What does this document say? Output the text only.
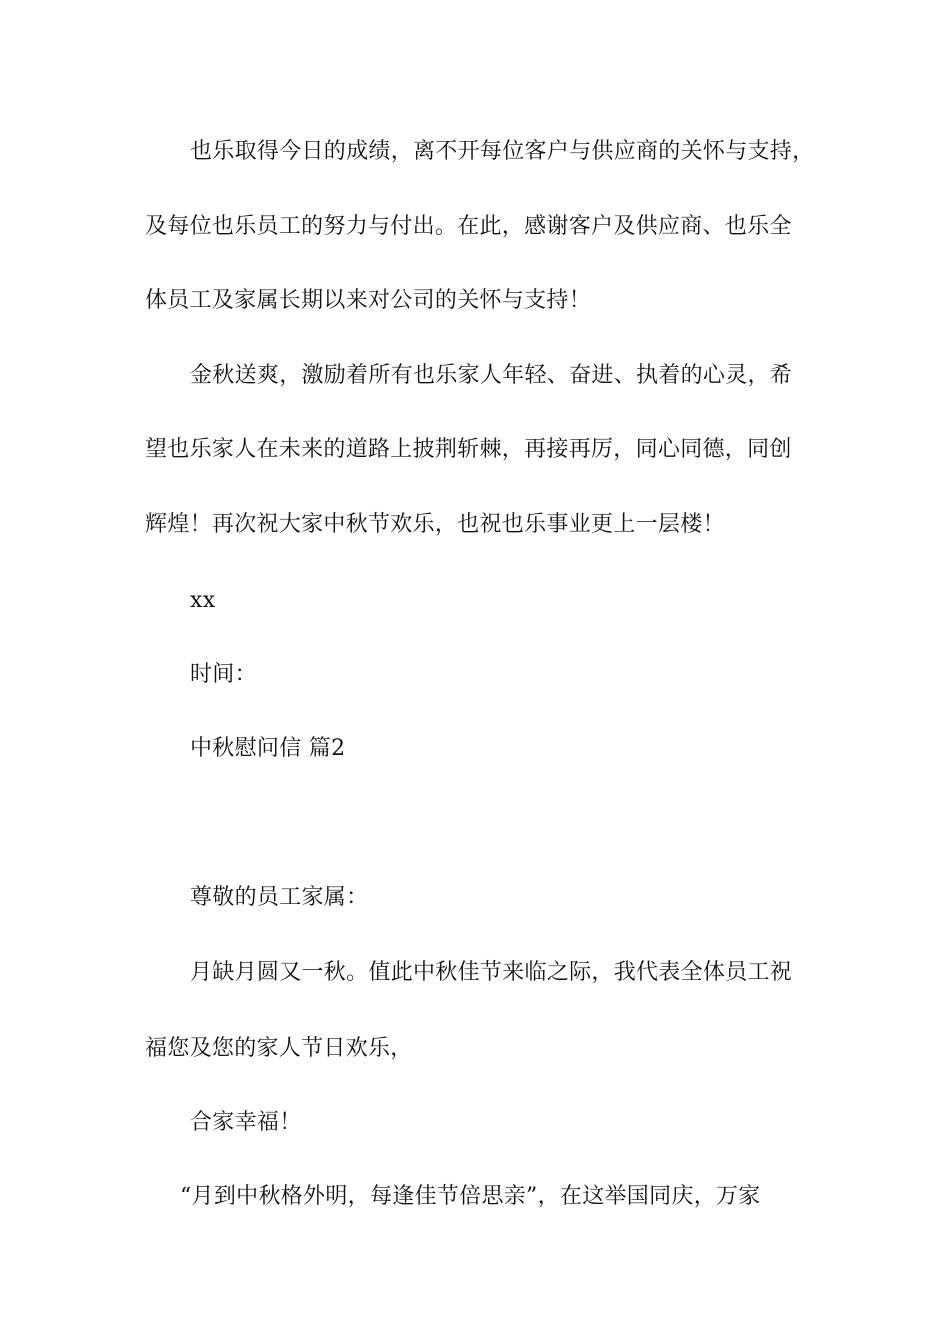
也乐取得今日的成绩，离不开每位客户与供应商的关怀与支持，
及每位也乐员工的努力与付出。在此，感谢客户及供应商、也乐全
体员工及家属长期以来对公司的关怀与支持！
金秋送爽，激励着所有也乐家人年轻、奋进、执着的心灵，希
望也乐家人在未来的道路上披荆斩棘，再接再厉，同心同德，同创
辉煌！再次祝大家中秋节欢乐，也祝也乐事业更上一层楼！
xx
时间：
中秋慰问信 篇2
尊敬的员工家属：
月缺月圆又一秋。值此中秋佳节来临之际，我代表全体员工祝
福您及您的家人节日欢乐，
合家幸福！
“月到中秋格外明，每逢佳节倍思亲”，在这举国同庆，万家
